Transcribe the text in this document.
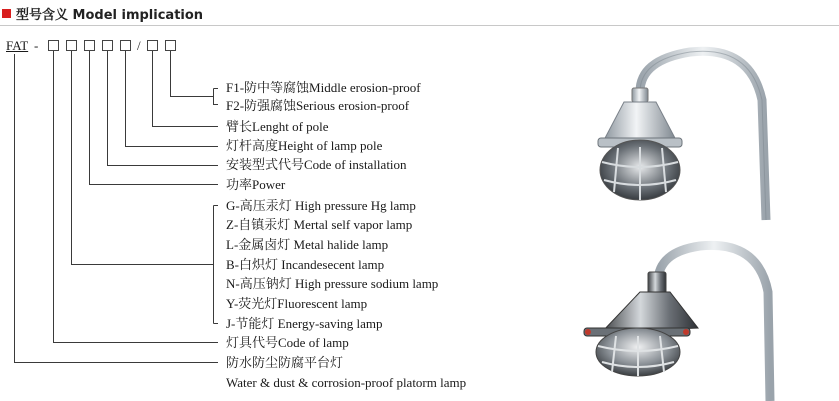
型号含义 Model implication
FAT -	/
F1-防中等腐蚀Middle erosion-proof
F2-防强腐蚀Serious erosion-proof
臂长Lenght of pole
灯杆高度Height of lamp pole
安装型式代号Code of installation
功率Power
G-高压汞灯 High pressure Hg lamp
Z-自镇汞灯 Mertal self vapor lamp
L-金属卤灯 Metal halide lamp
B-白炽灯 Incandesecent lamp
N-高压钠灯 High pressure sodium lamp
Y-荧光灯Fluorescent lamp
J-节能灯 Energy-saving lamp
灯具代号Code of lamp
防水防尘防腐平台灯
Water & dust & corrosion-proof platorm lamp
